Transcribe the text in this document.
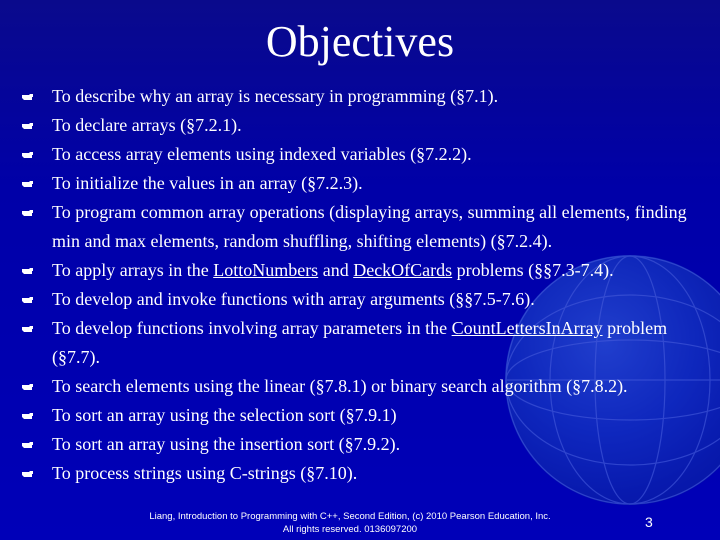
Objectives
To describe why an array is necessary in programming (§7.1).
To declare arrays (§7.2.1).
To access array elements using indexed variables (§7.2.2).
To initialize the values in an array (§7.2.3).
To program common array operations (displaying arrays, summing all elements, finding min and max elements, random shuffling, shifting elements) (§7.2.4).
To apply arrays in the LottoNumbers and DeckOfCards problems (§§7.3-7.4).
To develop and invoke functions with array arguments (§§7.5-7.6).
To develop functions involving array parameters in the CountLettersInArray problem (§7.7).
To search elements using the linear (§7.8.1) or binary search algorithm (§7.8.2).
To sort an array using the selection sort (§7.9.1)
To sort an array using the insertion sort (§7.9.2).
To process strings using C-strings (§7.10).
Liang, Introduction to Programming with C++, Second Edition, (c) 2010 Pearson Education, Inc.
All rights reserved. 0136097200	3
